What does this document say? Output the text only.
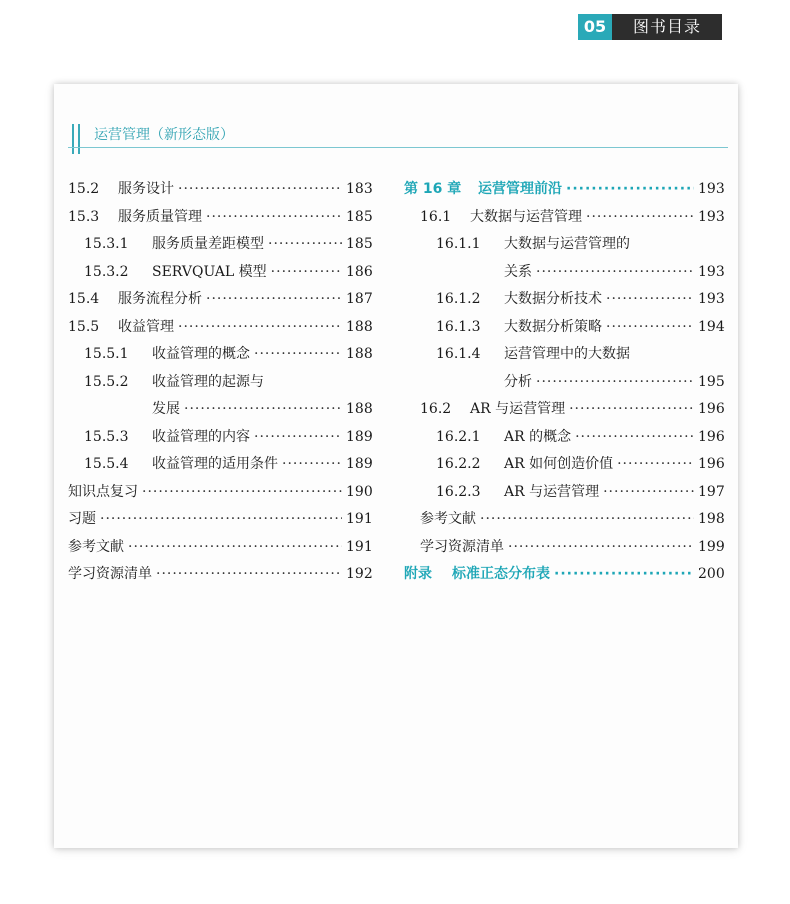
05	图书目录
运营管理（新形态版）
15.2	服务设计 ·····	183
15.3	服务质量管理 ·····	185
15.3.1	服务质量差距模型 ·····	185
15.3.2	SERVQUAL 模型 ·····	186
15.4	服务流程分析 ·····	187
15.5	收益管理 ·····	188
15.5.1	收益管理的概念 ·····	188
15.5.2	收益管理的起源与
发展 ·····	188
15.5.3	收益管理的内容 ·····	189
15.5.4	收益管理的适用条件 ·····	189
知识点复习 ·····	190
习题 ·····	191
参考文献 ·····	191
学习资源清单 ·····	192
第 16 章	运营管理前沿 ·····	193
16.1	大数据与运营管理 ·····	193
16.1.1	大数据与运营管理的
关系 ·····	193
16.1.2	大数据分析技术 ·····	193
16.1.3	大数据分析策略 ·····	194
16.1.4	运营管理中的大数据
分析 ·····	195
16.2	AR 与运营管理 ·····	196
16.2.1	AR 的概念 ·····	196
16.2.2	AR 如何创造价值 ·····	196
16.2.3	AR 与运营管理 ·····	197
参考文献 ·····	198
学习资源清单 ·····	199
附录	标准正态分布表 ·····	200
